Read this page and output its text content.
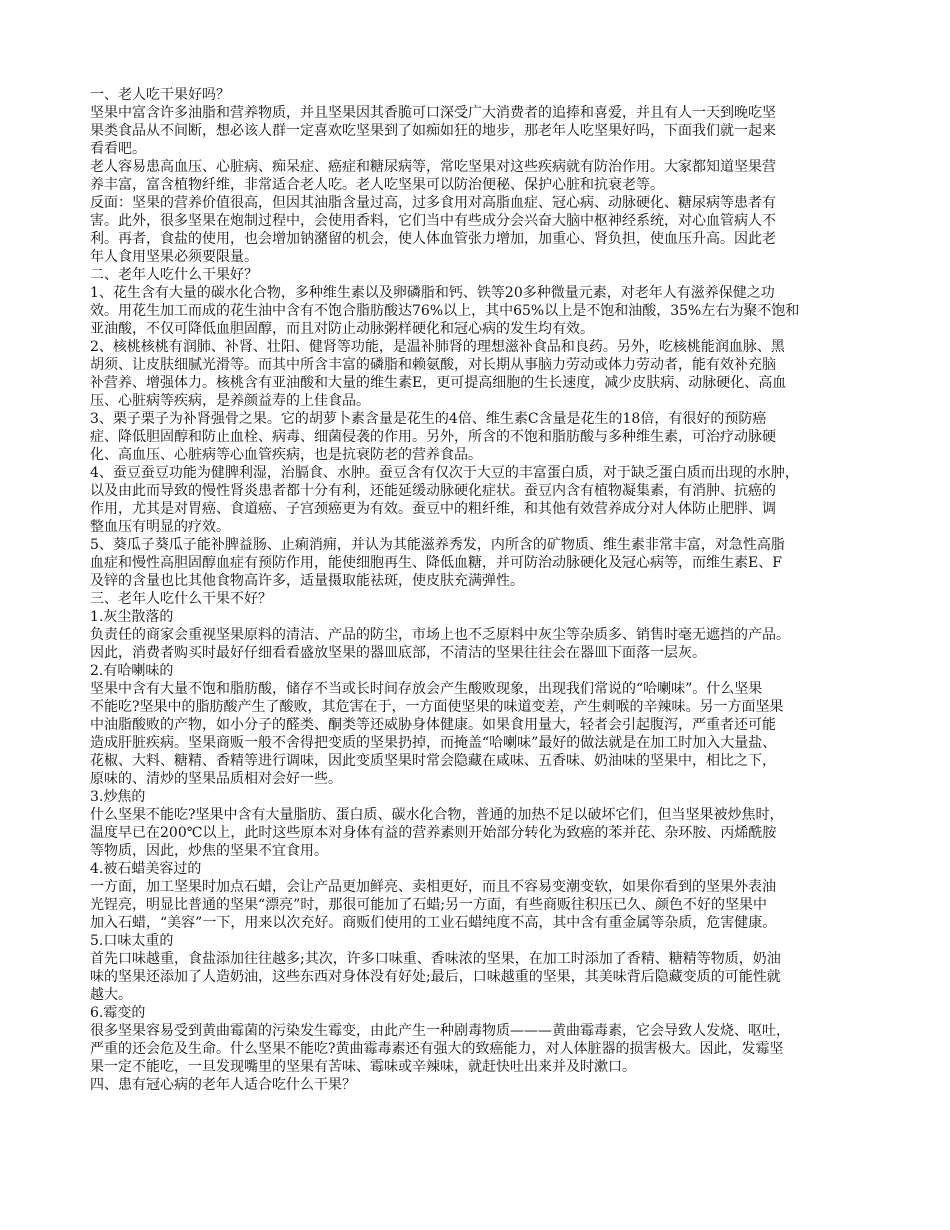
一、老人吃干果好吗？
坚果中富含许多油脂和营养物质，并且坚果因其香脆可口深受广大消费者的追捧和喜爱，并且有人一天到晚吃坚
果类食品从不间断，想必该人群一定喜欢吃坚果到了如痴如狂的地步，那老年人吃坚果好吗，下面我们就一起来
看看吧。
老人容易患高血压、心脏病、痴呆症、癌症和糖尿病等，常吃坚果对这些疾病就有防治作用。大家都知道坚果营
养丰富，富含植物纤维，非常适合老人吃。老人吃坚果可以防治便秘、保护心脏和抗衰老等。
反面：坚果的营养价值很高，但因其油脂含量过高，过多食用对高脂血症、冠心病、动脉硬化、糖尿病等患者有
害。此外，很多坚果在炮制过程中，会使用香料，它们当中有些成分会兴奋大脑中枢神经系统，对心血管病人不
利。再者，食盐的使用，也会增加钠潴留的机会，使人体血管张力增加，加重心、肾负担，使血压升高。因此老
年人食用坚果必须要限量。
二、老年人吃什么干果好？
1、花生含有大量的碳水化合物，多种维生素以及卵磷脂和钙、铁等20多种微量元素，对老年人有滋养保健之功
效。用花生加工而成的花生油中含有不饱合脂肪酸达76%以上，其中65%以上是不饱和油酸，35%左右为聚不饱和
亚油酸，不仅可降低血胆固醇，而且对防止动脉粥样硬化和冠心病的发生均有效。
2、核桃核桃有润肺、补肾、壮阳、健肾等功能，是温补肺肾的理想滋补食品和良药。另外，吃核桃能润血脉、黑
胡须、让皮肤细腻光滑等。而其中所含丰富的磷脂和赖氨酸，对长期从事脑力劳动或体力劳动者，能有效补充脑
补营养、增强体力。核桃含有亚油酸和大量的维生素E，更可提高细胞的生长速度，减少皮肤病、动脉硬化、高血
压、心脏病等疾病，是养颜益寿的上佳食品。
3、栗子栗子为补肾强骨之果。它的胡萝卜素含量是花生的4倍、维生素C含量是花生的18倍，有很好的预防癌
症、降低胆固醇和防止血栓、病毒、细菌侵袭的作用。另外，所含的不饱和脂肪酸与多种维生素，可治疗动脉硬
化、高血压、心脏病等心血管疾病，也是抗衰防老的营养食品。
4、蚕豆蚕豆功能为健脾利湿，治膈食、水肿。蚕豆含有仅次于大豆的丰富蛋白质，对于缺乏蛋白质而出现的水肿，
以及由此而导致的慢性肾炎患者都十分有利，还能延缓动脉硬化症状。蚕豆内含有植物凝集素，有消肿、抗癌的
作用，尤其是对胃癌、食道癌、子宫颈癌更为有效。蚕豆中的粗纤维，和其他有效营养成分对人体防止肥胖、调
整血压有明显的疗效。
5、葵瓜子葵瓜子能补脾益肠、止痢消痈，并认为其能滋养秀发，内所含的矿物质、维生素非常丰富，对急性高脂
血症和慢性高胆固醇血症有预防作用，能使细胞再生、降低血糖，并可防治动脉硬化及冠心病等，而维生素E、F
及锌的含量也比其他食物高许多，适量摄取能祛斑，使皮肤充满弹性。
三、老年人吃什么干果不好？
1.灰尘散落的
负责任的商家会重视坚果原料的清洁、产品的防尘，市场上也不乏原料中灰尘等杂质多、销售时毫无遮挡的产品。
因此，消费者购买时最好仔细看看盛放坚果的器皿底部，不清洁的坚果往往会在器皿下面落一层灰。
2.有哈喇味的
坚果中含有大量不饱和脂肪酸，储存不当或长时间存放会产生酸败现象，出现我们常说的“哈喇味”。什么坚果
不能吃?坚果中的脂肪酸产生了酸败，其危害在于，一方面使坚果的味道变差，产生刺喉的辛辣味。另一方面坚果
中油脂酸败的产物，如小分子的醛类、酮类等还威胁身体健康。如果食用量大，轻者会引起腹泻，严重者还可能
造成肝脏疾病。坚果商贩一般不舍得把变质的坚果扔掉，而掩盖“哈喇味”最好的做法就是在加工时加入大量盐、
花椒、大料、糖精、香精等进行调味，因此变质坚果时常会隐藏在咸味、五香味、奶油味的坚果中，相比之下，
原味的、清炒的坚果品质相对会好一些。
3.炒焦的
什么坚果不能吃?坚果中含有大量脂肪、蛋白质、碳水化合物，普通的加热不足以破坏它们，但当坚果被炒焦时，
温度早已在200℃以上，此时这些原本对身体有益的营养素则开始部分转化为致癌的苯并芘、杂环胺、丙烯酰胺
等物质，因此，炒焦的坚果不宜食用。
4.被石蜡美容过的
一方面，加工坚果时加点石蜡，会让产品更加鲜亮、卖相更好，而且不容易变潮变软，如果你看到的坚果外表油
光锃亮，明显比普通的坚果“漂亮”时，那很可能加了石蜡;另一方面，有些商贩往积压已久、颜色不好的坚果中
加入石蜡，“美容”一下，用来以次充好。商贩们使用的工业石蜡纯度不高，其中含有重金属等杂质，危害健康。
5.口味太重的
首先口味越重，食盐添加往往越多;其次，许多口味重、香味浓的坚果，在加工时添加了香精、糖精等物质，奶油
味的坚果还添加了人造奶油，这些东西对身体没有好处;最后，口味越重的坚果，其美味背后隐藏变质的可能性就
越大。
6.霉变的
很多坚果容易受到黄曲霉菌的污染发生霉变，由此产生一种剧毒物质———黄曲霉毒素，它会导致人发烧、呕吐，
严重的还会危及生命。什么坚果不能吃?黄曲霉毒素还有强大的致癌能力，对人体脏器的损害极大。因此，发霉坚
果一定不能吃，一旦发现嘴里的坚果有苦味、霉味或辛辣味，就赶快吐出来并及时漱口。
四、患有冠心病的老年人适合吃什么干果？
